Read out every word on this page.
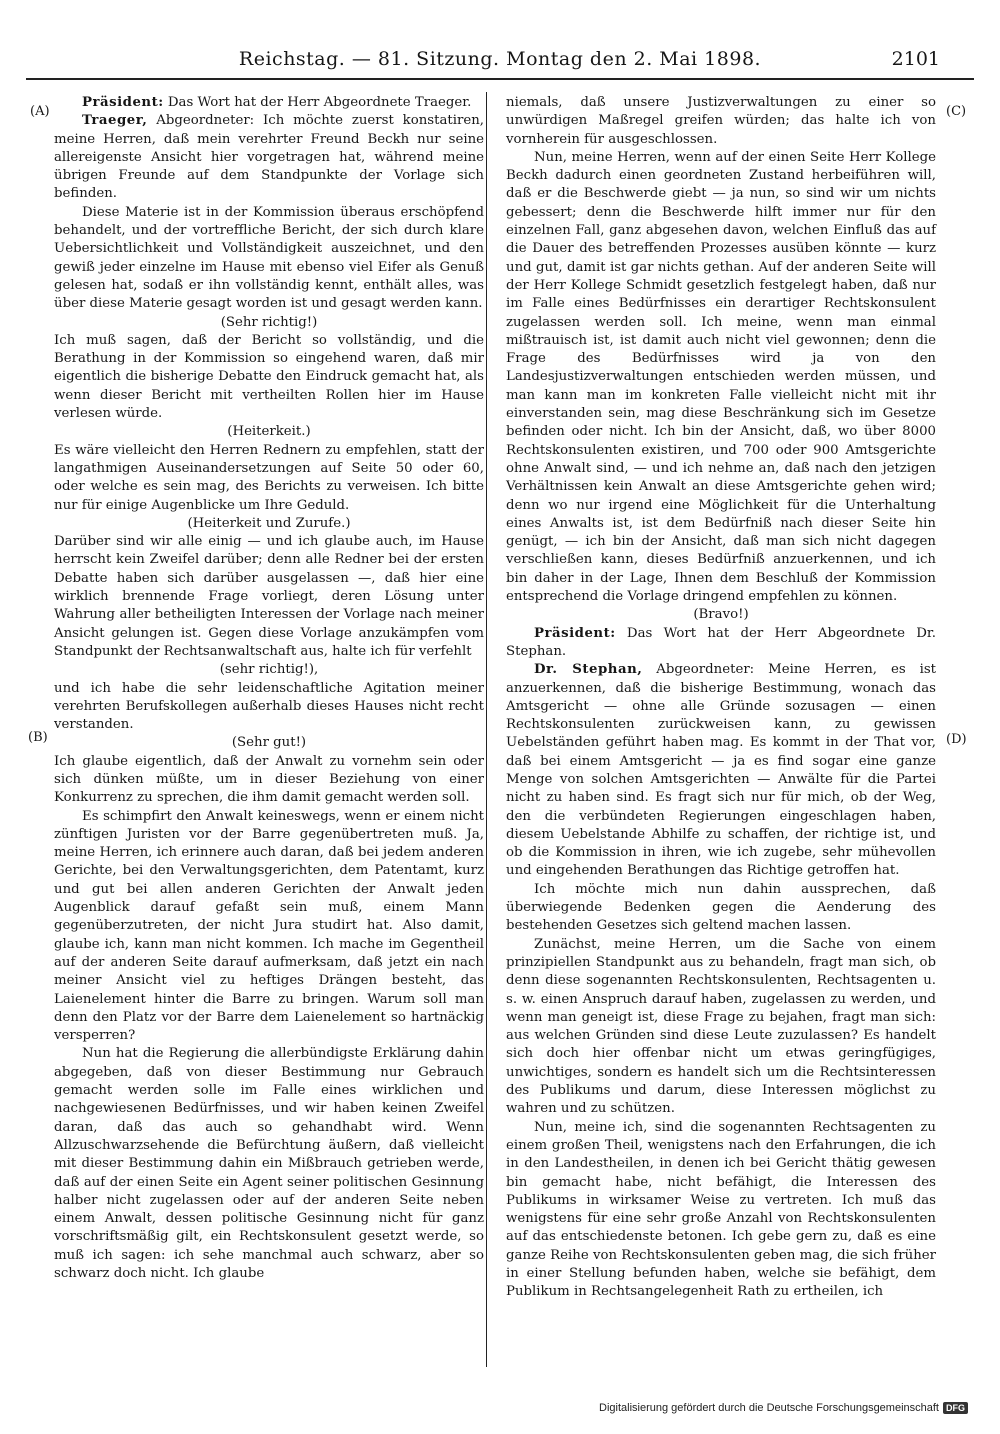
Reichstag. — 81. Sitzung. Montag den 2. Mai 1898.	2101
(A)
(B)
(C)
(D)

Präsident: Das Wort hat der Herr Abgeordnete Traeger.

Traeger, Abgeordneter: Ich möchte zuerst konstatiren, meine Herren, daß mein verehrter Freund Beckh nur seine allereigenste Ansicht hier vorgetragen hat, während meine übrigen Freunde auf dem Standpunkte der Vorlage sich befinden.

Diese Materie ist in der Kommission überaus erschöpfend behandelt, und der vortreffliche Bericht, der sich durch klare Uebersichtlichkeit und Vollständigkeit auszeichnet, und den gewiß jeder einzelne im Hause mit ebenso viel Eifer als Genuß gelesen hat, sodaß er ihn vollständig kennt, enthält alles, was über diese Materie gesagt worden ist und gesagt werden kann.

(Sehr richtig!)

Ich muß sagen, daß der Bericht so vollständig, und die Berathung in der Kommission so eingehend waren, daß mir eigentlich die bisherige Debatte den Eindruck gemacht hat, als wenn dieser Bericht mit vertheilten Rollen hier im Hause verlesen würde.

(Heiterkeit.)

Es wäre vielleicht den Herren Rednern zu empfehlen, statt der langathmigen Auseinandersetzungen auf Seite 50 oder 60, oder welche es sein mag, des Berichts zu verweisen. Ich bitte nur für einige Augenblicke um Ihre Geduld.

(Heiterkeit und Zurufe.)

Darüber sind wir alle einig — und ich glaube auch, im Hause herrscht kein Zweifel darüber; denn alle Redner bei der ersten Debatte haben sich darüber ausgelassen —, daß hier eine wirklich brennende Frage vorliegt, deren Lösung unter Wahrung aller betheiligten Interessen der Vorlage nach meiner Ansicht gelungen ist. Gegen diese Vorlage anzukämpfen vom Standpunkt der Rechtsanwaltschaft aus, halte ich für verfehlt

(sehr richtig!),

und ich habe die sehr leidenschaftliche Agitation meiner verehrten Berufskollegen außerhalb dieses Hauses nicht recht verstanden.

(Sehr gut!)

Ich glaube eigentlich, daß der Anwalt zu vornehm sein oder sich dünken müßte, um in dieser Beziehung von einer Konkurrenz zu sprechen, die ihm damit gemacht werden soll.

Es schimpfirt den Anwalt keineswegs, wenn er einem nicht zünftigen Juristen vor der Barre gegenübertreten muß. Ja, meine Herren, ich erinnere auch daran, daß bei jedem anderen Gerichte, bei den Verwaltungsgerichten, dem Patentamt, kurz und gut bei allen anderen Gerichten der Anwalt jeden Augenblick darauf gefaßt sein muß, einem Mann gegenüberzutreten, der nicht Jura studirt hat. Also damit, glaube ich, kann man nicht kommen. Ich mache im Gegentheil auf der anderen Seite darauf aufmerksam, daß jetzt ein nach meiner Ansicht viel zu heftiges Drängen besteht, das Laienelement hinter die Barre zu bringen. Warum soll man denn den Platz vor der Barre dem Laienelement so hartnäckig versperren?

Nun hat die Regierung die allerbündigste Erklärung dahin abgegeben, daß von dieser Bestimmung nur Gebrauch gemacht werden solle im Falle eines wirklichen und nachgewiesenen Bedürfnisses, und wir haben keinen Zweifel daran, daß das auch so gehandhabt wird. Wenn Allzuschwarzsehende die Befürchtung äußern, daß vielleicht mit dieser Bestimmung dahin ein Mißbrauch getrieben werde, daß auf der einen Seite ein Agent seiner politischen Gesinnung halber nicht zugelassen oder auf der anderen Seite neben einem Anwalt, dessen politische Gesinnung nicht für ganz vorschriftsmäßig gilt, ein Rechtskonsulent gesetzt werde, so muß ich sagen: ich sehe manchmal auch schwarz, aber so schwarz doch nicht. Ich glaube

niemals, daß unsere Justizverwaltungen zu einer so unwürdigen Maßregel greifen würden; das halte ich von vornherein für ausgeschlossen.

Nun, meine Herren, wenn auf der einen Seite Herr Kollege Beckh dadurch einen geordneten Zustand herbeiführen will, daß er die Beschwerde giebt — ja nun, so sind wir um nichts gebessert; denn die Beschwerde hilft immer nur für den einzelnen Fall, ganz abgesehen davon, welchen Einfluß das auf die Dauer des betreffenden Prozesses ausüben könnte — kurz und gut, damit ist gar nichts gethan. Auf der anderen Seite will der Herr Kollege Schmidt gesetzlich festgelegt haben, daß nur im Falle eines Bedürfnisses ein derartiger Rechtskonsulent zugelassen werden soll. Ich meine, wenn man einmal mißtrauisch ist, ist damit auch nicht viel gewonnen; denn die Frage des Bedürfnisses wird ja von den Landesjustizverwaltungen entschieden werden müssen, und man kann man im konkreten Falle vielleicht nicht mit ihr einverstanden sein, mag diese Beschränkung sich im Gesetze befinden oder nicht. Ich bin der Ansicht, daß, wo über 8000 Rechtskonsulenten existiren, und 700 oder 900 Amtsgerichte ohne Anwalt sind, — und ich nehme an, daß nach den jetzigen Verhältnissen kein Anwalt an diese Amtsgerichte gehen wird; denn wo nur irgend eine Möglichkeit für die Unterhaltung eines Anwalts ist, ist dem Bedürfniß nach dieser Seite hin genügt, — ich bin der Ansicht, daß man sich nicht dagegen verschließen kann, dieses Bedürfniß anzuerkennen, und ich bin daher in der Lage, Ihnen dem Beschluß der Kommission entsprechend die Vorlage dringend empfehlen zu können.

(Bravo!)

Präsident: Das Wort hat der Herr Abgeordnete Dr. Stephan.

Dr. Stephan, Abgeordneter: Meine Herren, es ist anzuerkennen, daß die bisherige Bestimmung, wonach das Amtsgericht — ohne alle Gründe sozusagen — einen Rechtskonsulenten zurückweisen kann, zu gewissen Uebelständen geführt haben mag. Es kommt in der That vor, daß bei einem Amtsgericht — ja es find sogar eine ganze Menge von solchen Amtsgerichten — Anwälte für die Partei nicht zu haben sind. Es fragt sich nur für mich, ob der Weg, den die verbündeten Regierungen eingeschlagen haben, diesem Uebelstande Abhilfe zu schaffen, der richtige ist, und ob die Kommission in ihren, wie ich zugebe, sehr mühevollen und eingehenden Berathungen das Richtige getroffen hat.

Ich möchte mich nun dahin aussprechen, daß überwiegende Bedenken gegen die Aenderung des bestehenden Gesetzes sich geltend machen lassen.

Zunächst, meine Herren, um die Sache von einem prinzipiellen Standpunkt aus zu behandeln, fragt man sich, ob denn diese sogenannten Rechtskonsulenten, Rechtsagenten u. s. w. einen Anspruch darauf haben, zugelassen zu werden, und wenn man geneigt ist, diese Frage zu bejahen, fragt man sich: aus welchen Gründen sind diese Leute zuzulassen? Es handelt sich doch hier offenbar nicht um etwas geringfügiges, unwichtiges, sondern es handelt sich um die Rechtsinteressen des Publikums und darum, diese Interessen möglichst zu wahren und zu schützen.

Nun, meine ich, sind die sogenannten Rechtsagenten zu einem großen Theil, wenigstens nach den Erfahrungen, die ich in den Landestheilen, in denen ich bei Gericht thätig gewesen bin gemacht habe, nicht befähigt, die Interessen des Publikums in wirksamer Weise zu vertreten. Ich muß das wenigstens für eine sehr große Anzahl von Rechtskonsulenten auf das entschiedenste betonen. Ich gebe gern zu, daß es eine ganze Reihe von Rechtskonsulenten geben mag, die sich früher in einer Stellung befunden haben, welche sie befähigt, dem Publikum in Rechtsangelegenheit Rath zu ertheilen, ich

Digitalisierung gefördert durch die Deutsche Forschungsgemeinschaft DFG
